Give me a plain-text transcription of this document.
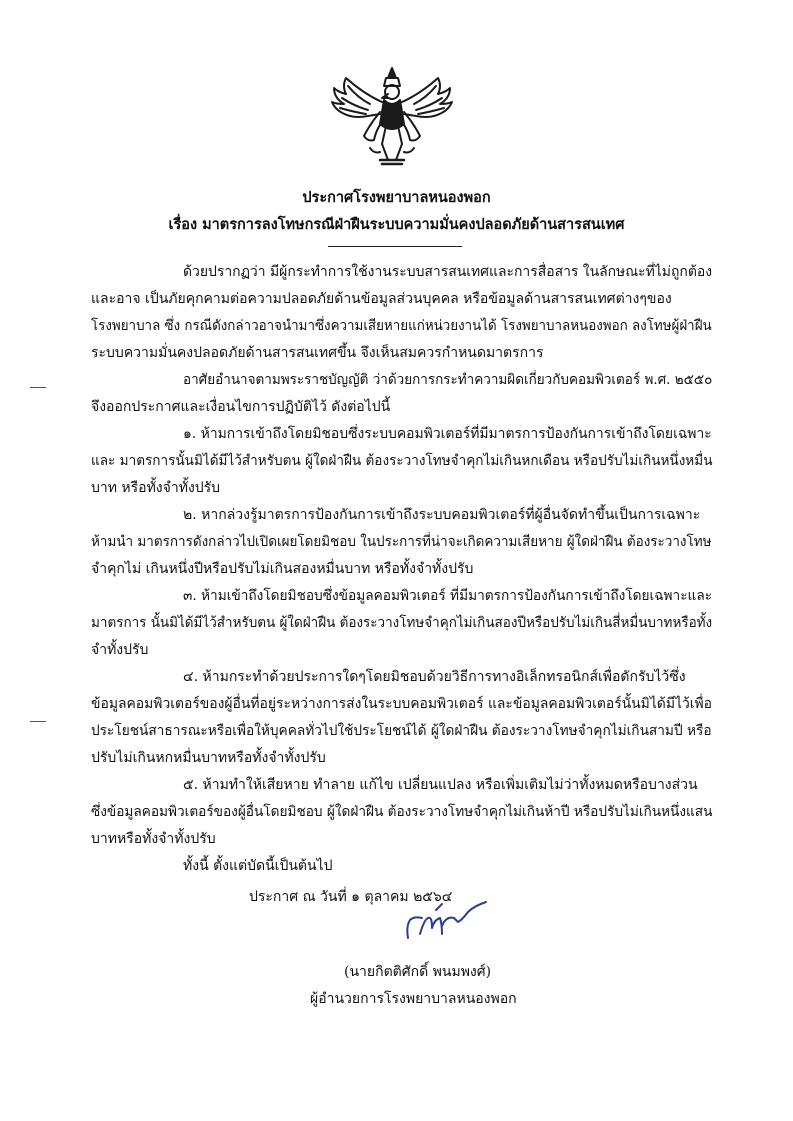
ประกาศโรงพยาบาลหนองพอก
เรื่อง มาตรการลงโทษกรณีฝ่าฝืนระบบความมั่นคงปลอดภัยด้านสารสนเทศ
ด้วยปรากฏว่า มีผู้กระทำการใช้งานระบบสารสนเทศและการสื่อสาร ในลักษณะที่ไม่ถูกต้อง
และอาจ เป็นภัยคุกคามต่อความปลอดภัยด้านข้อมูลส่วนบุคคล หรือข้อมูลด้านสารสนเทศต่างๆของ
โรงพยาบาล ซึ่ง กรณีดังกล่าวอาจนำมาซึ่งความเสียหายแก่หน่วยงานได้ โรงพยาบาลหนองพอก ลงโทษผู้ฝ่าฝืน
ระบบความมั่นคงปลอดภัยด้านสารสนเทศขึ้น จึงเห็นสมควรกำหนดมาตรการ
อาศัยอำนาจตามพระราชบัญญัติ ว่าด้วยการกระทำความผิดเกี่ยวกับคอมพิวเตอร์ พ.ศ. ๒๕๕๐
จึงออกประกาศและเงื่อนไขการปฏิบัติไว้ ดังต่อไปนี้
๑. ห้ามการเข้าถึงโดยมิชอบซึ่งระบบคอมพิวเตอร์ที่มีมาตรการป้องกันการเข้าถึงโดยเฉพาะ
และ มาตรการนั้นมิได้มีไว้สำหรับตน ผู้ใดฝ่าฝืน ต้องระวางโทษจำคุกไม่เกินหกเดือน หรือปรับไม่เกินหนึ่งหมื่น
บาท หรือทั้งจำทั้งปรับ
๒. หากล่วงรู้มาตรการป้องกันการเข้าถึงระบบคอมพิวเตอร์ที่ผู้อื่นจัดทำขึ้นเป็นการเฉพาะ
ห้ามนำ มาตรการดังกล่าวไปเปิดเผยโดยมิชอบ ในประการที่น่าจะเกิดความเสียหาย ผู้ใดฝ่าฝืน ต้องระวางโทษ
จำคุกไม่ เกินหนึ่งปีหรือปรับไม่เกินสองหมื่นบาท หรือทั้งจำทั้งปรับ
๓. ห้ามเข้าถึงโดยมิชอบซึ่งข้อมูลคอมพิวเตอร์ ที่มีมาตรการป้องกันการเข้าถึงโดยเฉพาะและ
มาตรการ นั้นมิได้มีไว้สำหรับตน ผู้ใดฝ่าฝืน ต้องระวางโทษจำคุกไม่เกินสองปีหรือปรับไม่เกินสี่หมื่นบาทหรือทั้ง
จำทั้งปรับ
๔. ห้ามกระทำด้วยประการใดๆโดยมิชอบด้วยวิธีการทางอิเล็กทรอนิกส์เพื่อดักรับไว้ซึ่ง
ข้อมูลคอมพิวเตอร์ของผู้อื่นที่อยู่ระหว่างการส่งในระบบคอมพิวเตอร์ และข้อมูลคอมพิวเตอร์นั้นมิได้มีไว้เพื่อ
ประโยชน์สาธารณะหรือเพื่อให้บุคคลทั่วไปใช้ประโยชน์ได้ ผู้ใดฝ่าฝืน ต้องระวางโทษจำคุกไม่เกินสามปี หรือ
ปรับไม่เกินหกหมื่นบาทหรือทั้งจำทั้งปรับ
๕. ห้ามทำให้เสียหาย ทำลาย แก้ไข เปลี่ยนแปลง หรือเพิ่มเติมไม่ว่าทั้งหมดหรือบางส่วน
ซึ่งข้อมูลคอมพิวเตอร์ของผู้อื่นโดยมิชอบ ผู้ใดฝ่าฝืน ต้องระวางโทษจำคุกไม่เกินห้าปี หรือปรับไม่เกินหนึ่งแสน
บาทหรือทั้งจำทั้งปรับ
ทั้งนี้ ตั้งแต่บัดนี้เป็นต้นไป
ประกาศ ณ วันที่ ๑ ตุลาคม ๒๕๖๔
(นายกิตติศักดิ์ พนมพงศ์)
ผู้อำนวยการโรงพยาบาลหนองพอก
